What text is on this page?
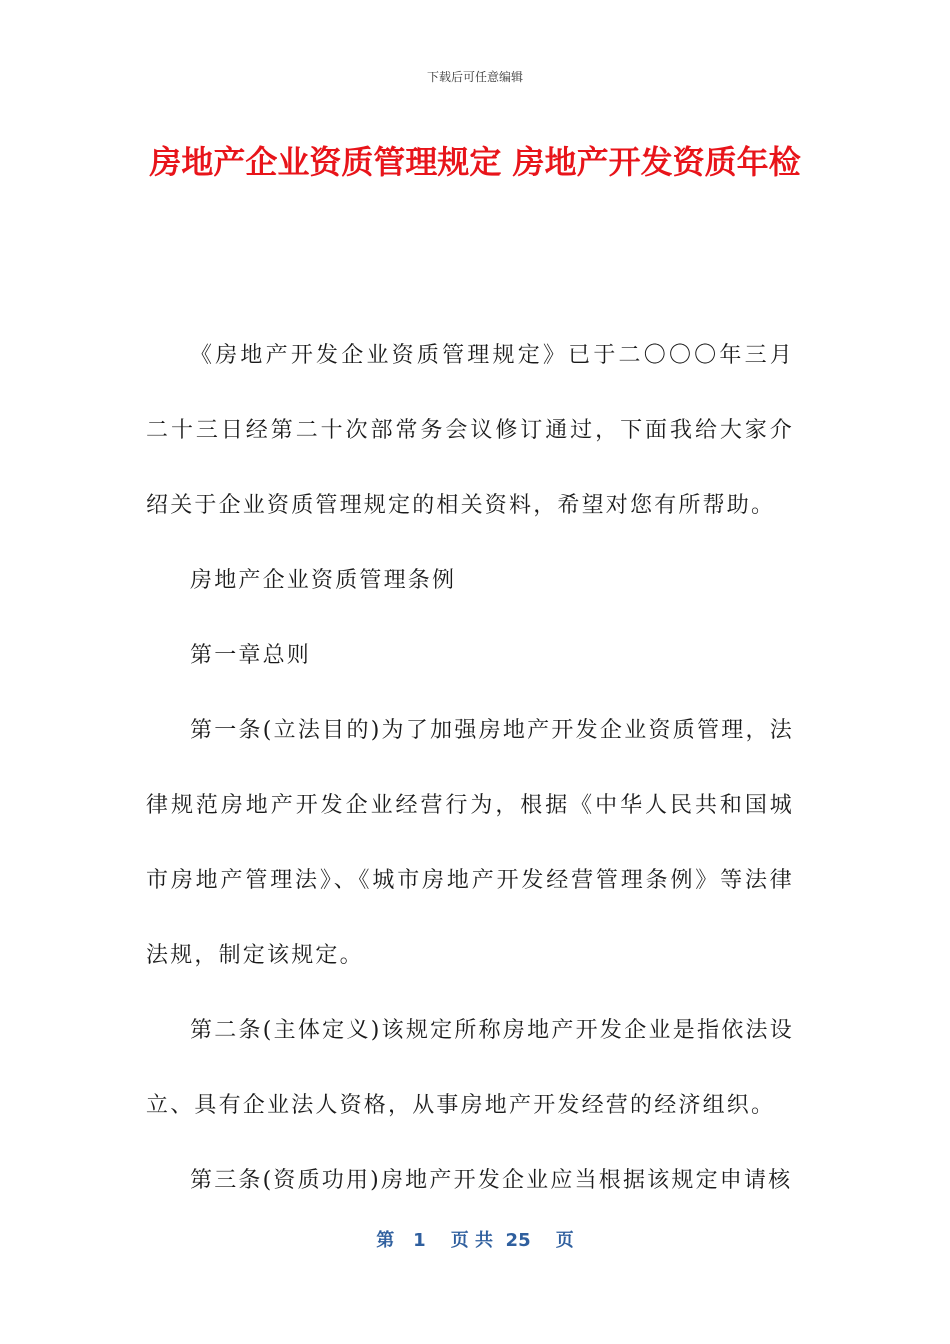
下载后可任意编辑
房地产企业资质管理规定 房地产开发资质年检

《房地产开发企业资质管理规定》已于二〇〇〇年三月二十三日经第二十次部常务会议修订通过，下面我给大家介绍关于企业资质管理规定的相关资料，希望对您有所帮助。

房地产企业资质管理条例

第一章总则

第一条(立法目的)为了加强房地产开发企业资质管理，法律规范房地产开发企业经营行为，根据《中华人民共和国城市房地产管理法》、《城市房地产开发经营管理条例》等法律法规，制定该规定。

第二条(主体定义)该规定所称房地产开发企业是指依法设立、具有企业法人资格，从事房地产开发经营的经济组织。

第三条(资质功用)房地产开发企业应当根据该规定申请核

第 1 页 共 25 页
